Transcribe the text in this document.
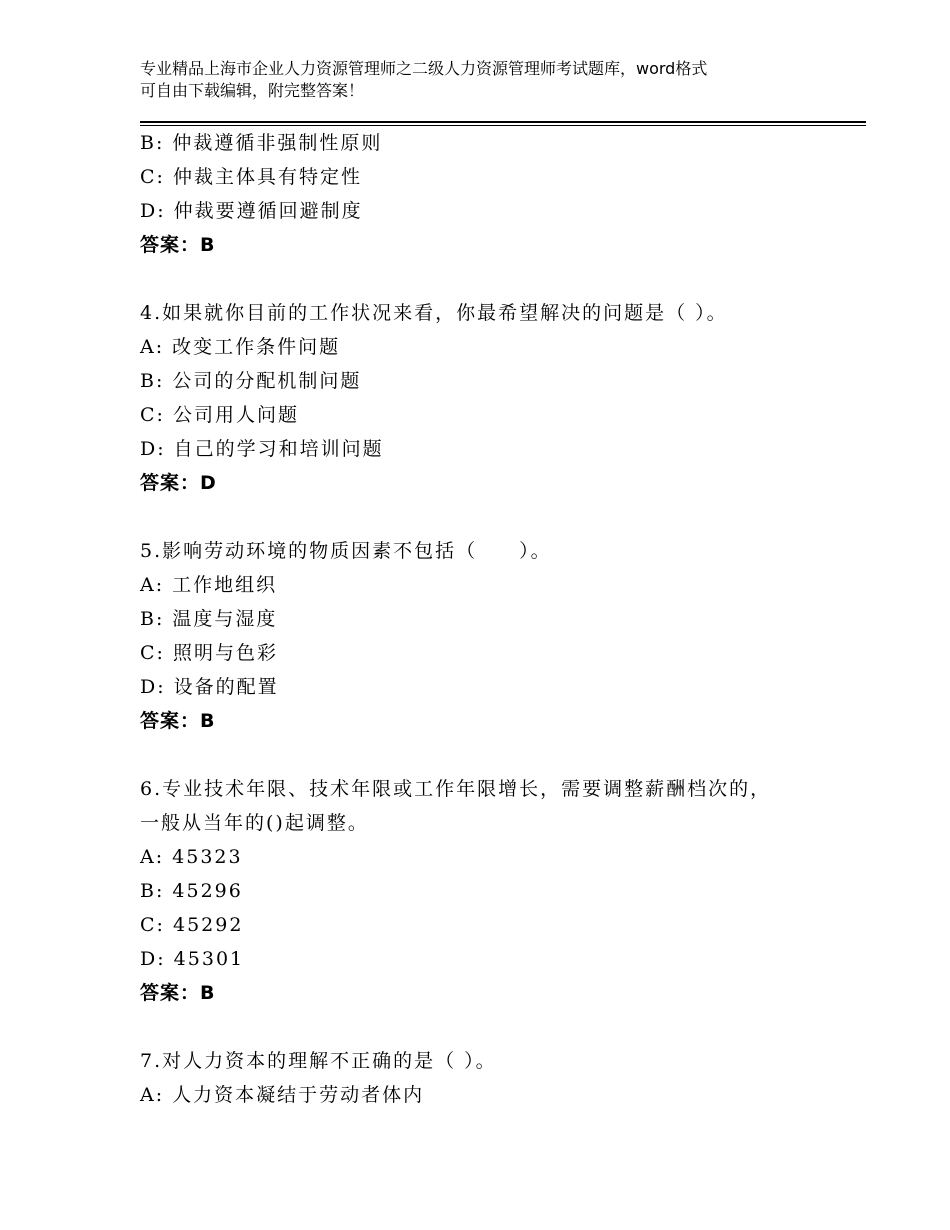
专业精品上海市企业人力资源管理师之二级人力资源管理师考试题库，word格式
可自由下载编辑，附完整答案！
B: 仲裁遵循非强制性原则
C: 仲裁主体具有特定性
D: 仲裁要遵循回避制度
答案：B
4.如果就你目前的工作状况来看，你最希望解决的问题是（ ）。
A: 改变工作条件问题
B: 公司的分配机制问题
C: 公司用人问题
D: 自己的学习和培训问题
答案：D
5.影响劳动环境的物质因素不包括（　　）。
A: 工作地组织
B: 温度与湿度
C: 照明与色彩
D: 设备的配置
答案：B
6.专业技术年限、技术年限或工作年限增长，需要调整薪酬档次的，
一般从当年的()起调整。
A: 45323
B: 45296
C: 45292
D: 45301
答案：B
7.对人力资本的理解不正确的是（ ）。
A: 人力资本凝结于劳动者体内
